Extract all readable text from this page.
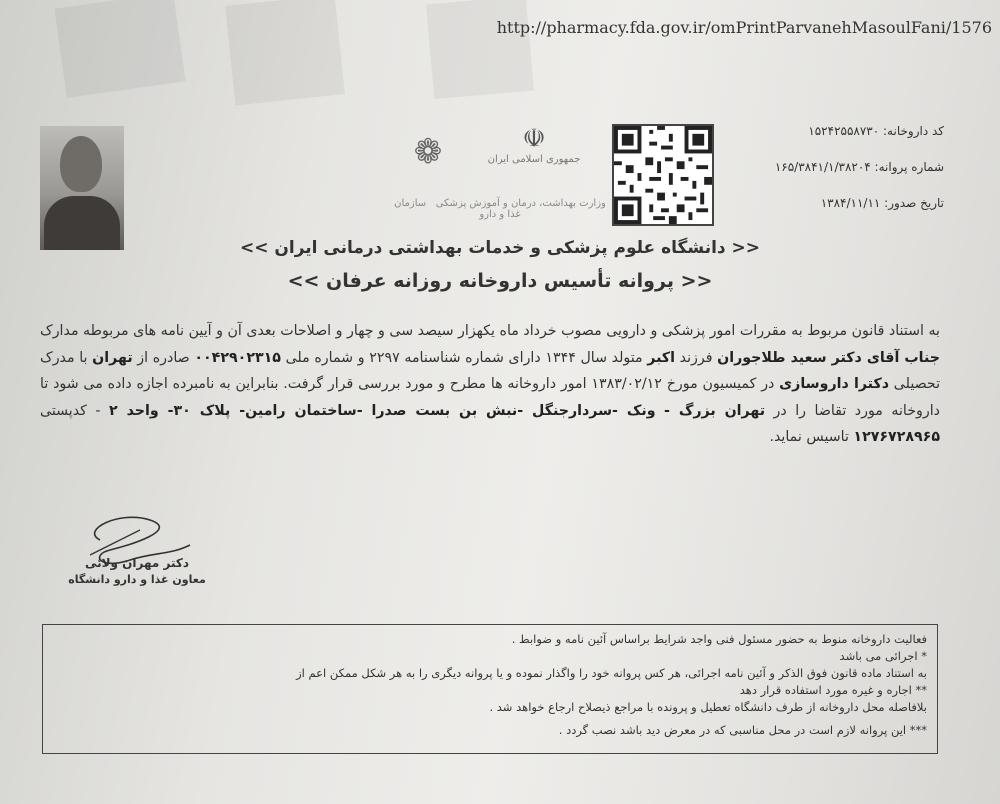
http://pharmacy.fda.gov.ir/omPrintParvanehMasoulFani/1576
❁	☫
جمهوری اسلامی ایران
وزارت بهداشت، درمان و آموزش پزشکی   سازمان غذا و دارو
کد داروخانه: ۱۵۲۴۲۵۵۸۷۳۰
شماره پروانه: ۱۶۵/۳۸۴۱/۱/۳۸۲۰۴
تاریخ صدور: ۱۳۸۴/۱۱/۱۱
<< دانشگاه علوم پزشکی و خدمات بهداشتی درمانی ایران >>
<< پروانه تأسیس داروخانه روزانه عرفان >>
به استناد قانون مربوط به مقررات امور پزشکی و دارویی مصوب خرداد ماه یکهزار سیصد سی و چهار و اصلاحات بعدی آن و آیین نامه های مربوطه مدارک جناب آقای دکتر سعید طلاجوران فرزند اکبر متولد سال ۱۳۴۴ دارای شماره شناسنامه ۲۲۹۷ و شماره ملی ۰۰۴۲۹۰۲۳۱۵ صادره از تهران با مدرک تحصیلی دکترا داروسازی در کمیسیون مورخ ۱۳۸۳/۰۲/۱۲ امور داروخانه ها مطرح و مورد بررسی قرار گرفت. بنابراین به نامبرده اجازه داده می شود تا داروخانه مورد تقاضا را در تهران بزرگ - ونک -سردارجنگل -نبش بن بست صدرا -ساختمان رامین- پلاک ۳۰- واحد ۲ - کدپستی ۱۲۷۶۷۲۸۹۶۵ تاسیس نماید.
دکتر مهران ولائی
معاون غذا و دارو دانشگاه
فعالیت داروخانه منوط به حضور مسئول فنی واجد شرایط براساس آئین نامه و ضوابط .
* اجرائی می باشد
به استناد ماده قانون فوق الذکر و آئین نامه اجرائی، هر کس پروانه خود را واگذار نموده و یا پروانه دیگری را به هر شکل ممکن اعم از
** اجاره و غیره مورد استفاده قرار دهد
بلافاصله محل داروخانه از طرف دانشگاه تعطیل و پرونده با مراجع ذیصلاح ارجاع خواهد شد .
*** این پروانه لازم است در محل مناسبی که در معرض دید باشد نصب گردد .
